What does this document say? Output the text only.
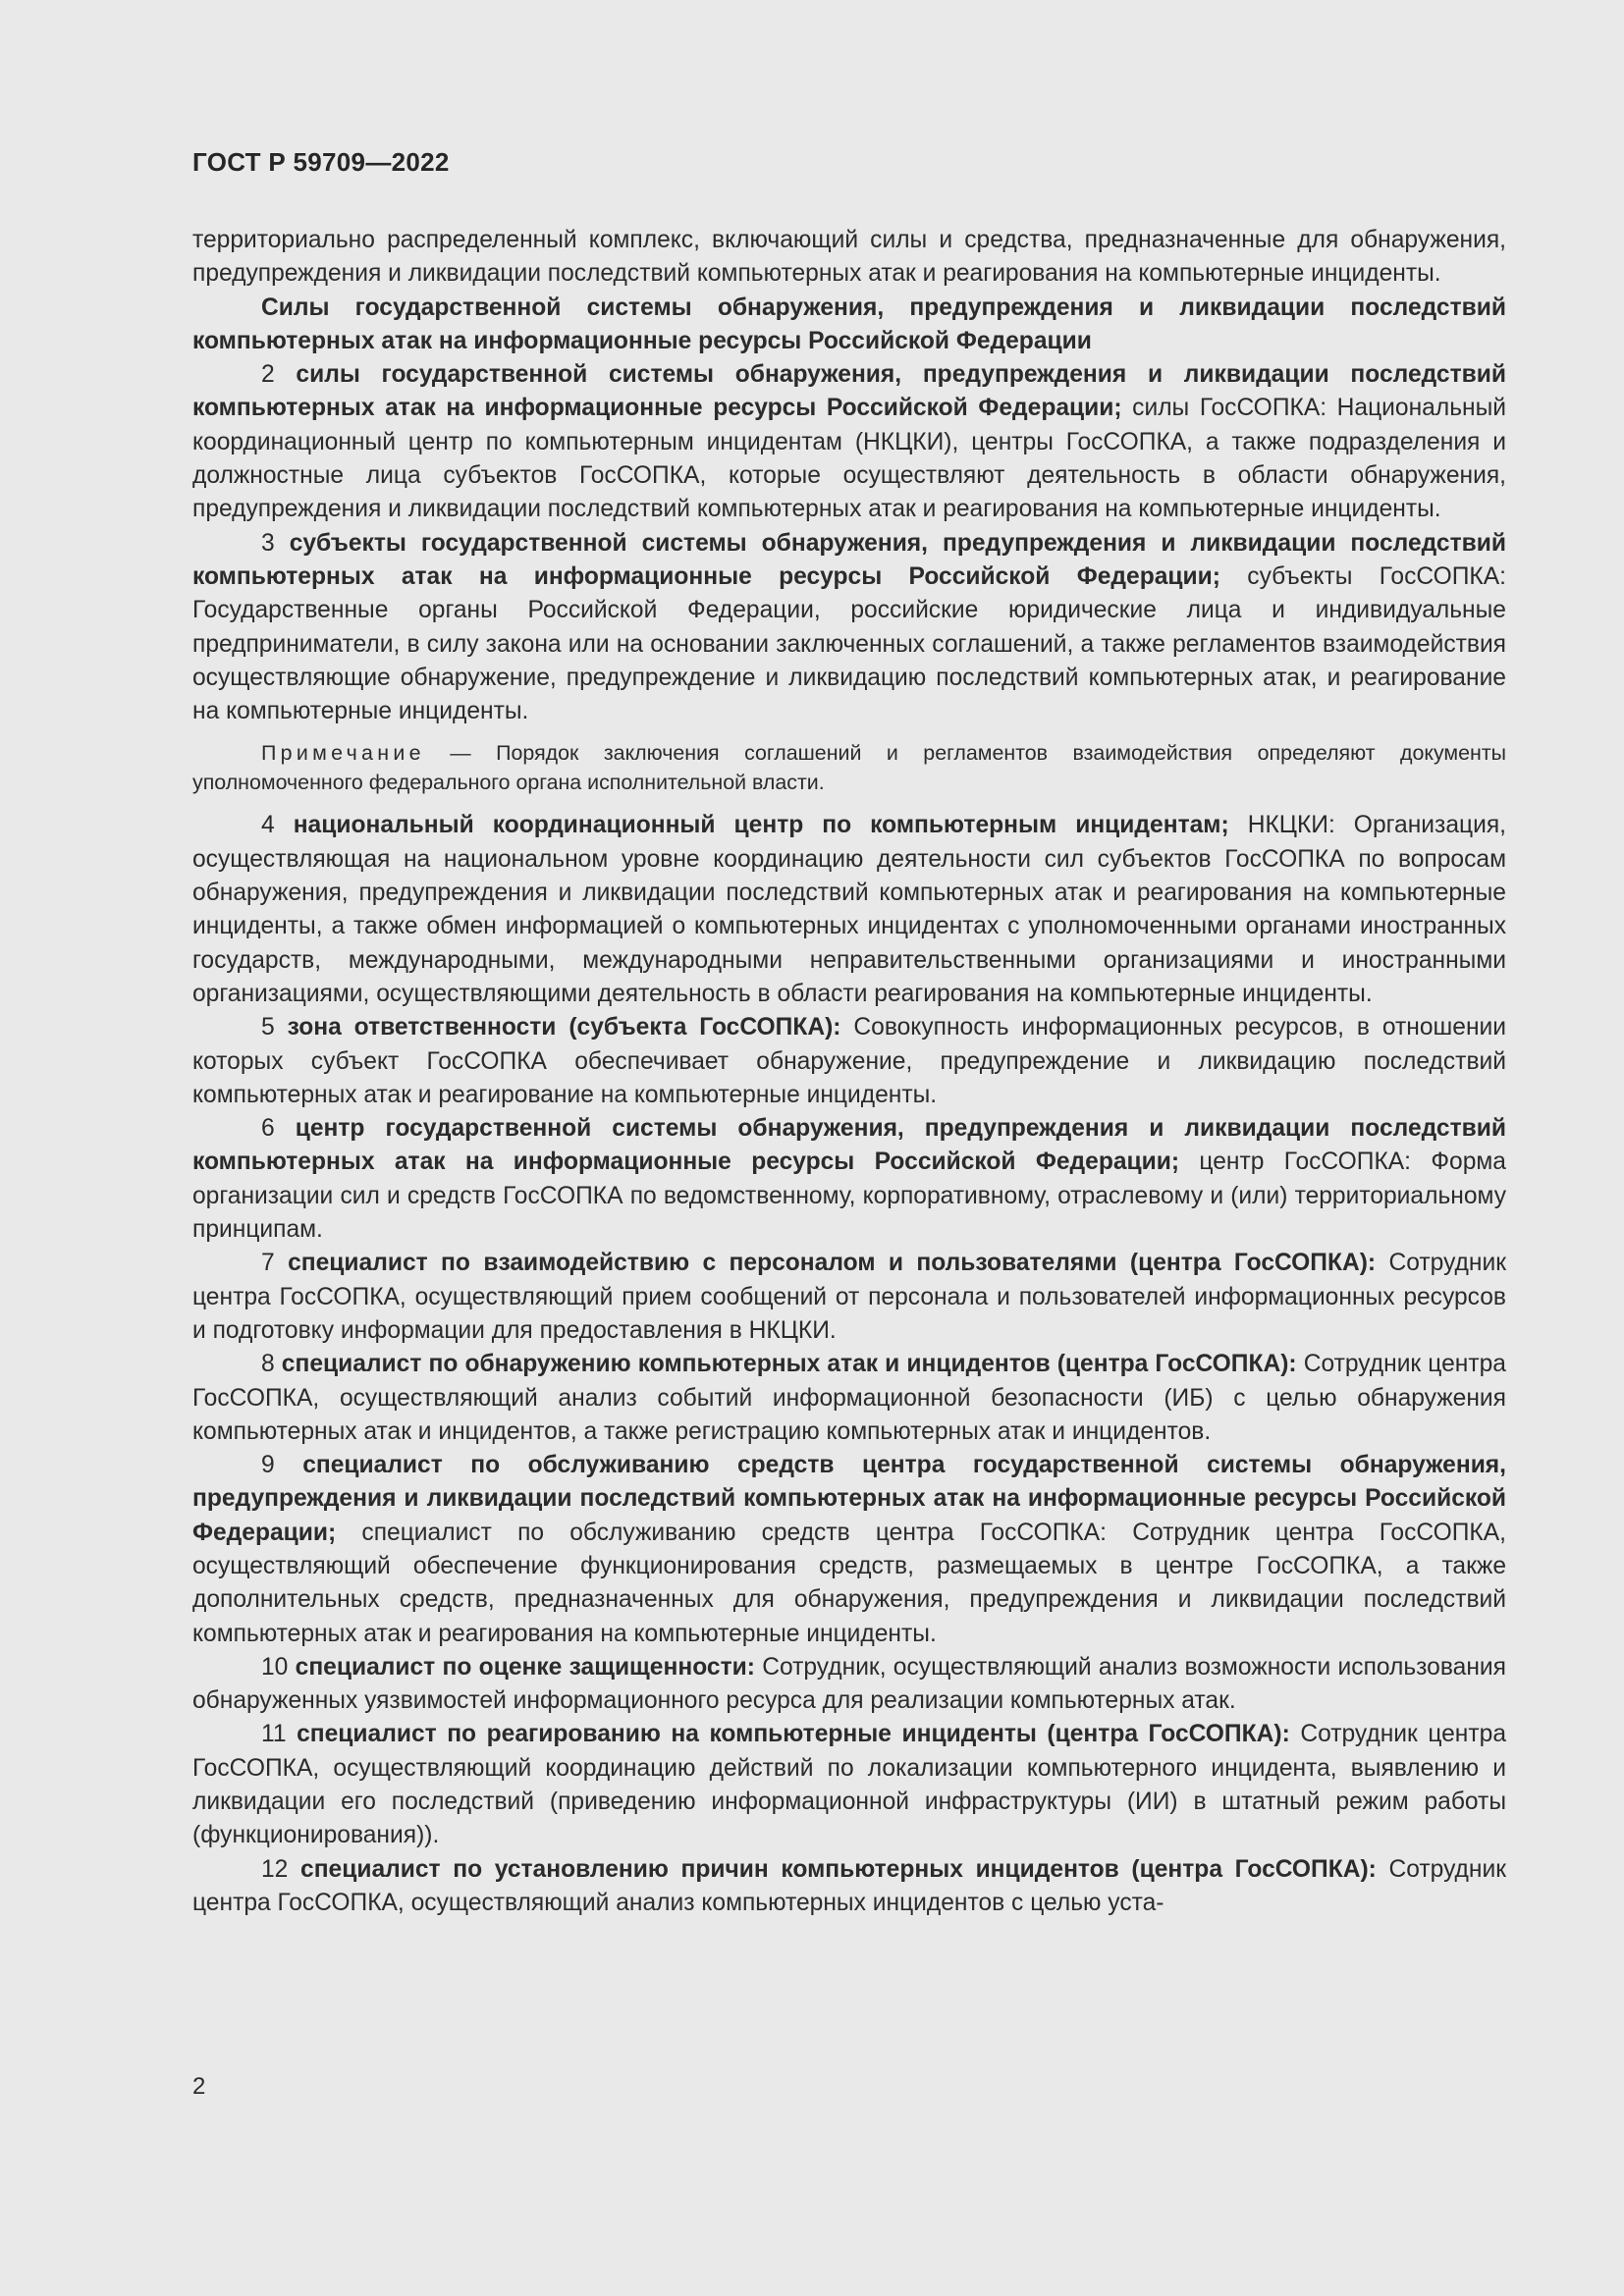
ГОСТ Р 59709—2022

территориально распределенный комплекс, включающий силы и средства, предназначенные для обнаружения, предупреждения и ликвидации последствий компьютерных атак и реагирования на компьютерные инциденты.

Силы государственной системы обнаружения, предупреждения и ликвидации последствий компьютерных атак на информационные ресурсы Российской Федерации

2 силы государственной системы обнаружения, предупреждения и ликвидации последствий компьютерных атак на информационные ресурсы Российской Федерации; силы ГосСОПКА: Национальный координационный центр по компьютерным инцидентам (НКЦКИ), центры ГосСОПКА, а также подразделения и должностные лица субъектов ГосСОПКА, которые осуществляют деятельность в области обнаружения, предупреждения и ликвидации последствий компьютерных атак и реагирования на компьютерные инциденты.

3 субъекты государственной системы обнаружения, предупреждения и ликвидации последствий компьютерных атак на информационные ресурсы Российской Федерации; субъекты ГосСОПКА: Государственные органы Российской Федерации, российские юридические лица и индивидуальные предприниматели, в силу закона или на основании заключенных соглашений, а также регламентов взаимодействия осуществляющие обнаружение, предупреждение и ликвидацию последствий компьютерных атак, и реагирование на компьютерные инциденты.

Примечание — Порядок заключения соглашений и регламентов взаимодействия определяют документы уполномоченного федерального органа исполнительной власти.

4 национальный координационный центр по компьютерным инцидентам; НКЦКИ: Организация, осуществляющая на национальном уровне координацию деятельности сил субъектов ГосСОПКА по вопросам обнаружения, предупреждения и ликвидации последствий компьютерных атак и реагирования на компьютерные инциденты, а также обмен информацией о компьютерных инцидентах с уполномоченными органами иностранных государств, международными, международными неправительственными организациями и иностранными организациями, осуществляющими деятельность в области реагирования на компьютерные инциденты.

5 зона ответственности (субъекта ГосСОПКА): Совокупность информационных ресурсов, в отношении которых субъект ГосСОПКА обеспечивает обнаружение, предупреждение и ликвидацию последствий компьютерных атак и реагирование на компьютерные инциденты.

6 центр государственной системы обнаружения, предупреждения и ликвидации последствий компьютерных атак на информационные ресурсы Российской Федерации; центр ГосСОПКА: Форма организации сил и средств ГосСОПКА по ведомственному, корпоративному, отраслевому и (или) территориальному принципам.

7 специалист по взаимодействию с персоналом и пользователями (центра ГосСОПКА): Сотрудник центра ГосСОПКА, осуществляющий прием сообщений от персонала и пользователей информационных ресурсов и подготовку информации для предоставления в НКЦКИ.

8 специалист по обнаружению компьютерных атак и инцидентов (центра ГосСОПКА): Сотрудник центра ГосСОПКА, осуществляющий анализ событий информационной безопасности (ИБ) с целью обнаружения компьютерных атак и инцидентов, а также регистрацию компьютерных атак и инцидентов.

9 специалист по обслуживанию средств центра государственной системы обнаружения, предупреждения и ликвидации последствий компьютерных атак на информационные ресурсы Российской Федерации; специалист по обслуживанию средств центра ГосСОПКА: Сотрудник центра ГосСОПКА, осуществляющий обеспечение функционирования средств, размещаемых в центре ГосСОПКА, а также дополнительных средств, предназначенных для обнаружения, предупреждения и ликвидации последствий компьютерных атак и реагирования на компьютерные инциденты.

10 специалист по оценке защищенности: Сотрудник, осуществляющий анализ возможности использования обнаруженных уязвимостей информационного ресурса для реализации компьютерных атак.

11 специалист по реагированию на компьютерные инциденты (центра ГосСОПКА): Сотрудник центра ГосСОПКА, осуществляющий координацию действий по локализации компьютерного инцидента, выявлению и ликвидации его последствий (приведению информационной инфраструктуры (ИИ) в штатный режим работы (функционирования)).

12 специалист по установлению причин компьютерных инцидентов (центра ГосСОПКА): Сотрудник центра ГосСОПКА, осуществляющий анализ компьютерных инцидентов с целью уста-

2
